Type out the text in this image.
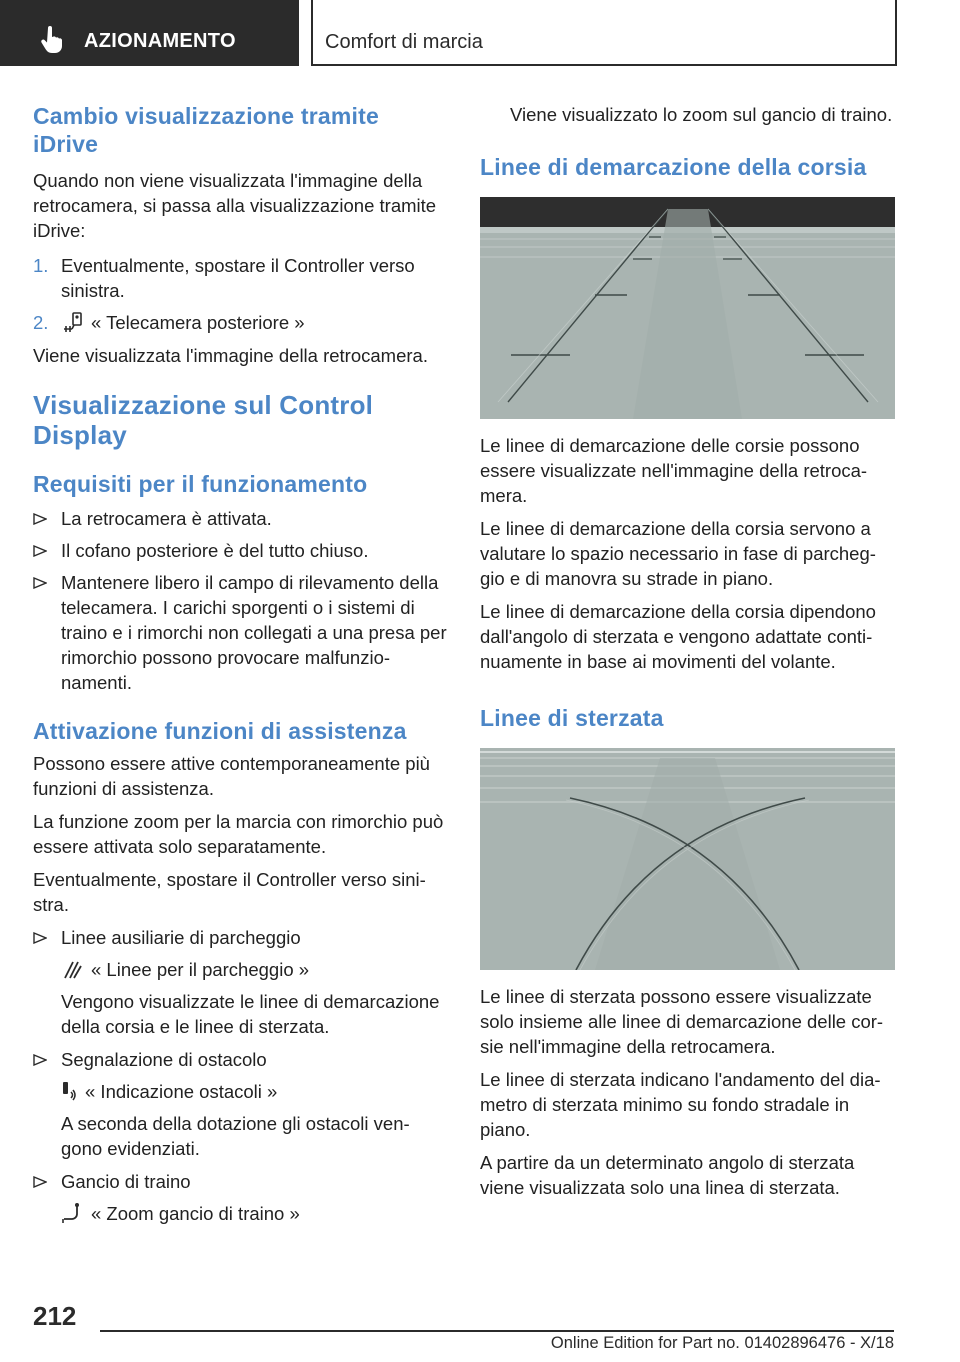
AZIONAMENTO	Comfort di marcia
Cambio visualizzazione tramite iDrive

Quando non viene visualizzata l'immagine della retrocamera, si passa alla visualizzazione tramite iDrive:

1. Eventualmente, spostare il Controller verso sinistra.
2. « Telecamera posteriore »

Viene visualizzata l'immagine della retrocamera.

Visualizzazione sul Control Display
Requisiti per il funzionamento
La retrocamera è attivata.
Il cofano posteriore è del tutto chiuso.
Mantenere libero il campo di rilevamento della telecamera. I carichi sporgenti o i sistemi di traino e i rimorchi non collegati a una presa per rimorchio possono provocare malfunzio-namenti.
Attivazione funzioni di assistenza

Possono essere attive contemporaneamente più funzioni di assistenza.

La funzione zoom per la marcia con rimorchio può essere attivata solo separatamente.

Eventualmente, spostare il Controller verso sini-stra.

Linee ausiliarie di parcheggio
« Linee per il parcheggio »
Vengono visualizzate le linee di demarcazione della corsia e le linee di sterzata.
Segnalazione di ostacolo
« Indicazione ostacoli »
A seconda della dotazione gli ostacoli ven-gono evidenziati.
Gancio di traino
« Zoom gancio di traino »

Viene visualizzato lo zoom sul gancio di traino.

Linee di demarcazione della corsia

Le linee di demarcazione delle corsie possono essere visualizzate nell'immagine della retroca-mera.

Le linee di demarcazione della corsia servono a valutare lo spazio necessario in fase di parcheg-gio e di manovra su strade in piano.

Le linee di demarcazione della corsia dipendono dall'angolo di sterzata e vengono adattate conti-nuamente in base ai movimenti del volante.

Linee di sterzata

Le linee di sterzata possono essere visualizzate solo insieme alle linee di demarcazione delle cor-sie nell'immagine della retrocamera.

Le linee di sterzata indicano l'andamento del dia-metro di sterzata minimo su fondo stradale in piano.

A partire da un determinato angolo di sterzata viene visualizzata solo una linea di sterzata.

212
Online Edition for Part no. 01402896476 - X/18
